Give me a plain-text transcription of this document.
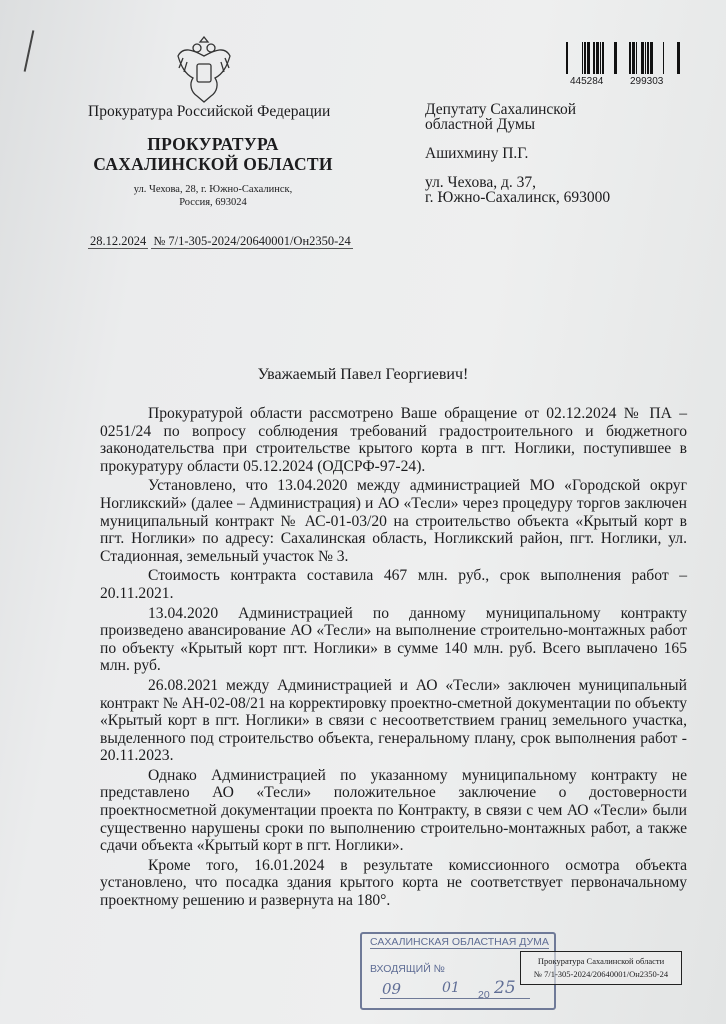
445284	299303
Прокуратура Российской Федерации
ПРОКУРАТУРА
САХАЛИНСКОЙ ОБЛАСТИ
ул. Чехова, 28, г. Южно-Сахалинск,
Россия, 693024
28.12.2024 № 7/1-305-2024/20640001/Он2350-24

Депутату Сахалинской
областной Думы

Ашихмину П.Г.

ул. Чехова, д. 37,
г. Южно-Сахалинск, 693000

Уважаемый Павел Георгиевич!

Прокуратурой области рассмотрено Ваше обращение от 02.12.2024 № ПА – 0251/24 по вопросу соблюдения требований градостроительного и бюджетного законодательства при строительстве крытого корта в пгт. Ноглики, поступившее в прокуратуру области 05.12.2024 (ОДСРФ-97-24).

Установлено, что 13.04.2020 между администрацией МО «Городской округ Ногликский» (далее – Администрация) и АО «Тесли» через процедуру торгов заключен муниципальный контракт № АС-01-03/20 на строительство объекта «Крытый корт в пгт. Ноглики» по адресу: Сахалинская область, Ногликский район, пгт. Ноглики, ул. Стадионная, земельный участок № 3.

Стоимость контракта составила 467 млн. руб., срок выполнения работ – 20.11.2021.

13.04.2020 Администрацией по данному муниципальному контракту произведено авансирование АО «Тесли» на выполнение строительно-монтажных работ по объекту «Крытый корт пгт. Ноглики» в сумме 140 млн. руб. Всего выплачено 165 млн. руб.

26.08.2021 между Администрацией и АО «Тесли» заключен муниципальный контракт № АН-02-08/21 на корректировку проектно-сметной документации по объекту «Крытый корт в пгт. Ноглики» в связи с несоответствием границ земельного участка, выделенного под строительство объекта, генеральному плану, срок выполнения работ - 20.11.2023.

Однако Администрацией по указанному муниципальному контракту не представлено АО «Тесли» положительное заключение о достоверности проектносметной документации проекта по Контракту, в связи с чем АО «Тесли» были существенно нарушены сроки по выполнению строительно-монтажных работ, а также сдачи объекта «Крытый корт в пгт. Ноглики».

Кроме того, 16.01.2024 в результате комиссионного осмотра объекта установлено, что посадка здания крытого корта не соответствует первоначальному проектному решению и развернута на 180°.

САХАЛИНСКАЯ ОБЛАСТНАЯ ДУМА
ВХОДЯЩИЙ №
09	01 20 25
Прокуратура Сахалинской области
№ 7/1-305-2024/20640001/Он2350-24
